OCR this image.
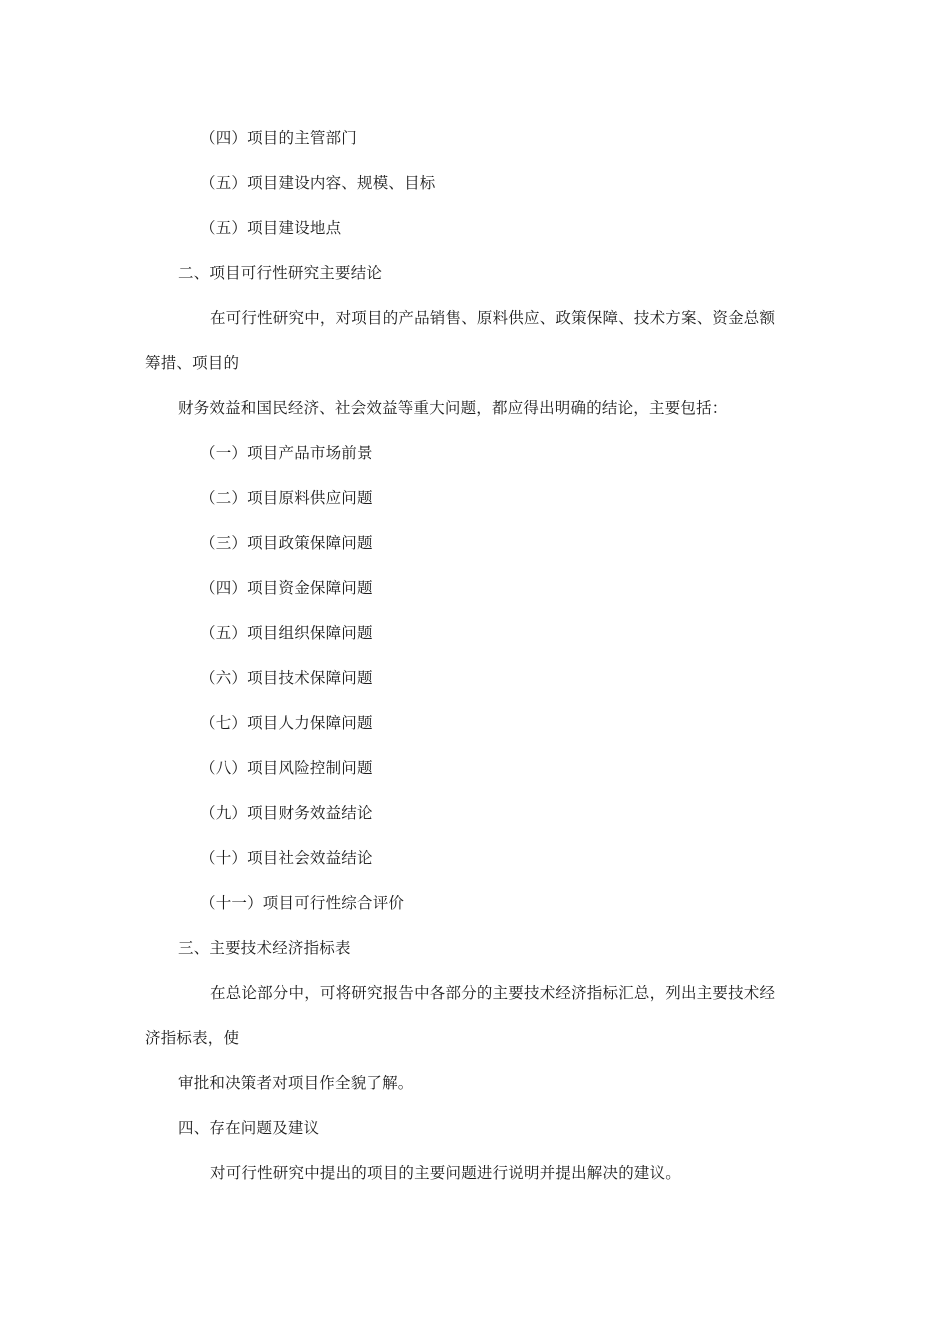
（四）项目的主管部门
（五）项目建设内容、规模、目标
（五）项目建设地点
二、项目可行性研究主要结论
在可行性研究中，对项目的产品销售、原料供应、政策保障、技术方案、资金总额
筹措、项目的
财务效益和国民经济、社会效益等重大问题，都应得出明确的结论，主要包括：
（一）项目产品市场前景
（二）项目原料供应问题
（三）项目政策保障问题
（四）项目资金保障问题
（五）项目组织保障问题
（六）项目技术保障问题
（七）项目人力保障问题
（八）项目风险控制问题
（九）项目财务效益结论
（十）项目社会效益结论
（十一）项目可行性综合评价
三、主要技术经济指标表
在总论部分中，可将研究报告中各部分的主要技术经济指标汇总，列出主要技术经
济指标表，使
审批和决策者对项目作全貌了解。
四、存在问题及建议
对可行性研究中提出的项目的主要问题进行说明并提出解决的建议。
